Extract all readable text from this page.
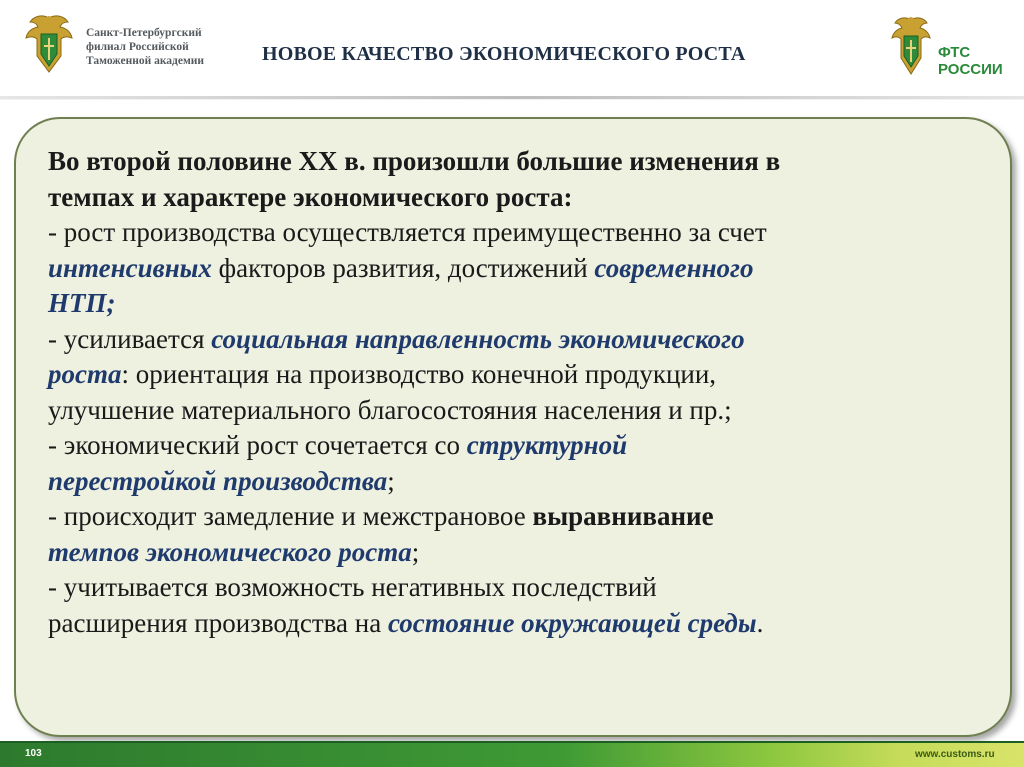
Санкт-Петербургский
филиал Российской
Таможенной академии	НОВОЕ КАЧЕСТВО ЭКОНОМИЧЕСКОГО РОСТА	ФТС
РОССИИ
Во второй половине ХХ в. произошли большие изменения в
темпах и характере экономического роста:
- рост производства осуществляется преимущественно за счет
интенсивных факторов развития, достижений современного
НТП;
- усиливается социальная направленность экономического
роста: ориентация на производство конечной продукции,
улучшение материального благосостояния населения и пр.;
- экономический рост сочетается со структурной
перестройкой производства;
- происходит замедление и межстрановое выравнивание
темпов экономического роста;
- учитывается возможность негативных последствий
расширения производства на состояние окружающей среды.
103	www.customs.ru
